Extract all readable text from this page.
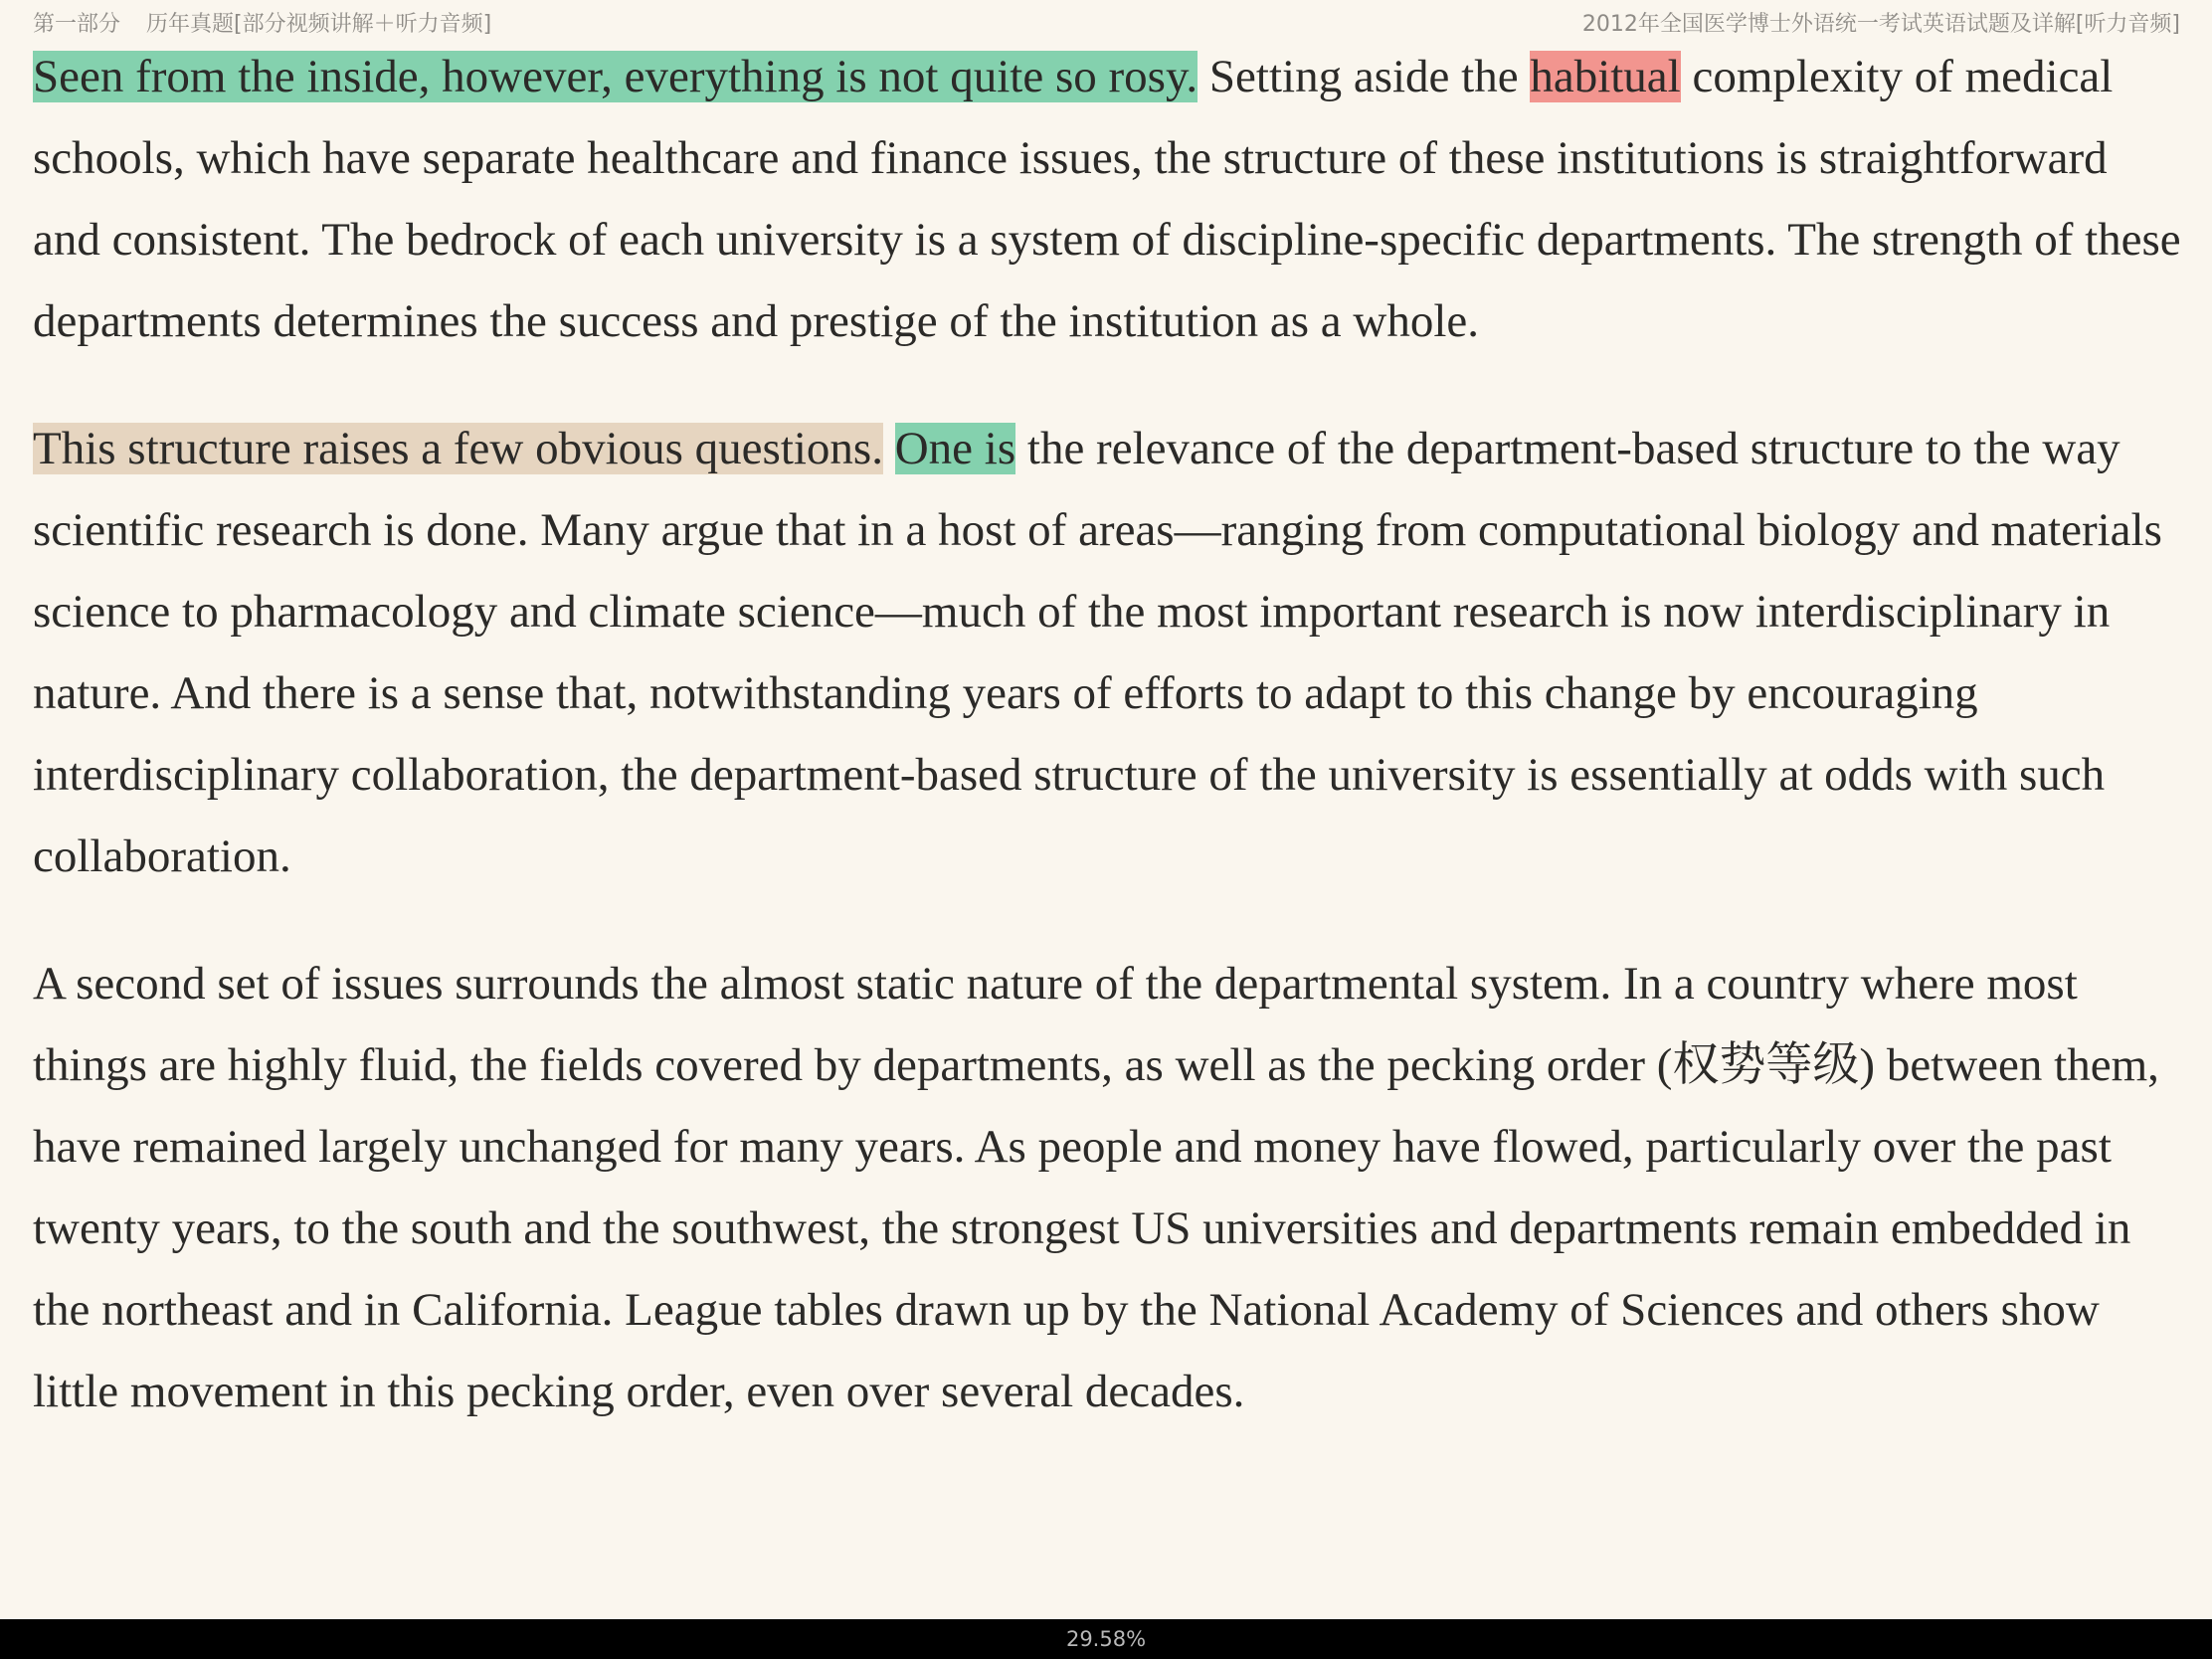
第一部分 历年真题[部分视频讲解＋听力音频]	2012年全国医学博士外语统一考试英语试题及详解[听力音频]

Seen from the inside, however, everything is not quite so rosy. Setting aside the habitual complexity of medical schools, which have separate healthcare and finance issues, the structure of these institutions is straightforward and consistent. The bedrock of each university is a system of discipline-specific departments. The strength of these departments determines the success and prestige of the institution as a whole.

This structure raises a few obvious questions. One is the relevance of the department-based structure to the way scientific research is done. Many argue that in a host of areas—ranging from computational biology and materials science to pharmacology and climate science—much of the most important research is now interdisciplinary in nature. And there is a sense that, notwithstanding years of efforts to adapt to this change by encouraging interdisciplinary collaboration, the department-based structure of the university is essentially at odds with such collaboration.

A second set of issues surrounds the almost static nature of the departmental system. In a country where most things are highly fluid, the fields covered by departments, as well as the pecking order (权势等级) between them, have remained largely unchanged for many years. As people and money have flowed, particularly over the past twenty years, to the south and the southwest, the strongest US universities and departments remain embedded in the northeast and in California. League tables drawn up by the National Academy of Sciences and others show little movement in this pecking order, even over several decades.

29.58%
